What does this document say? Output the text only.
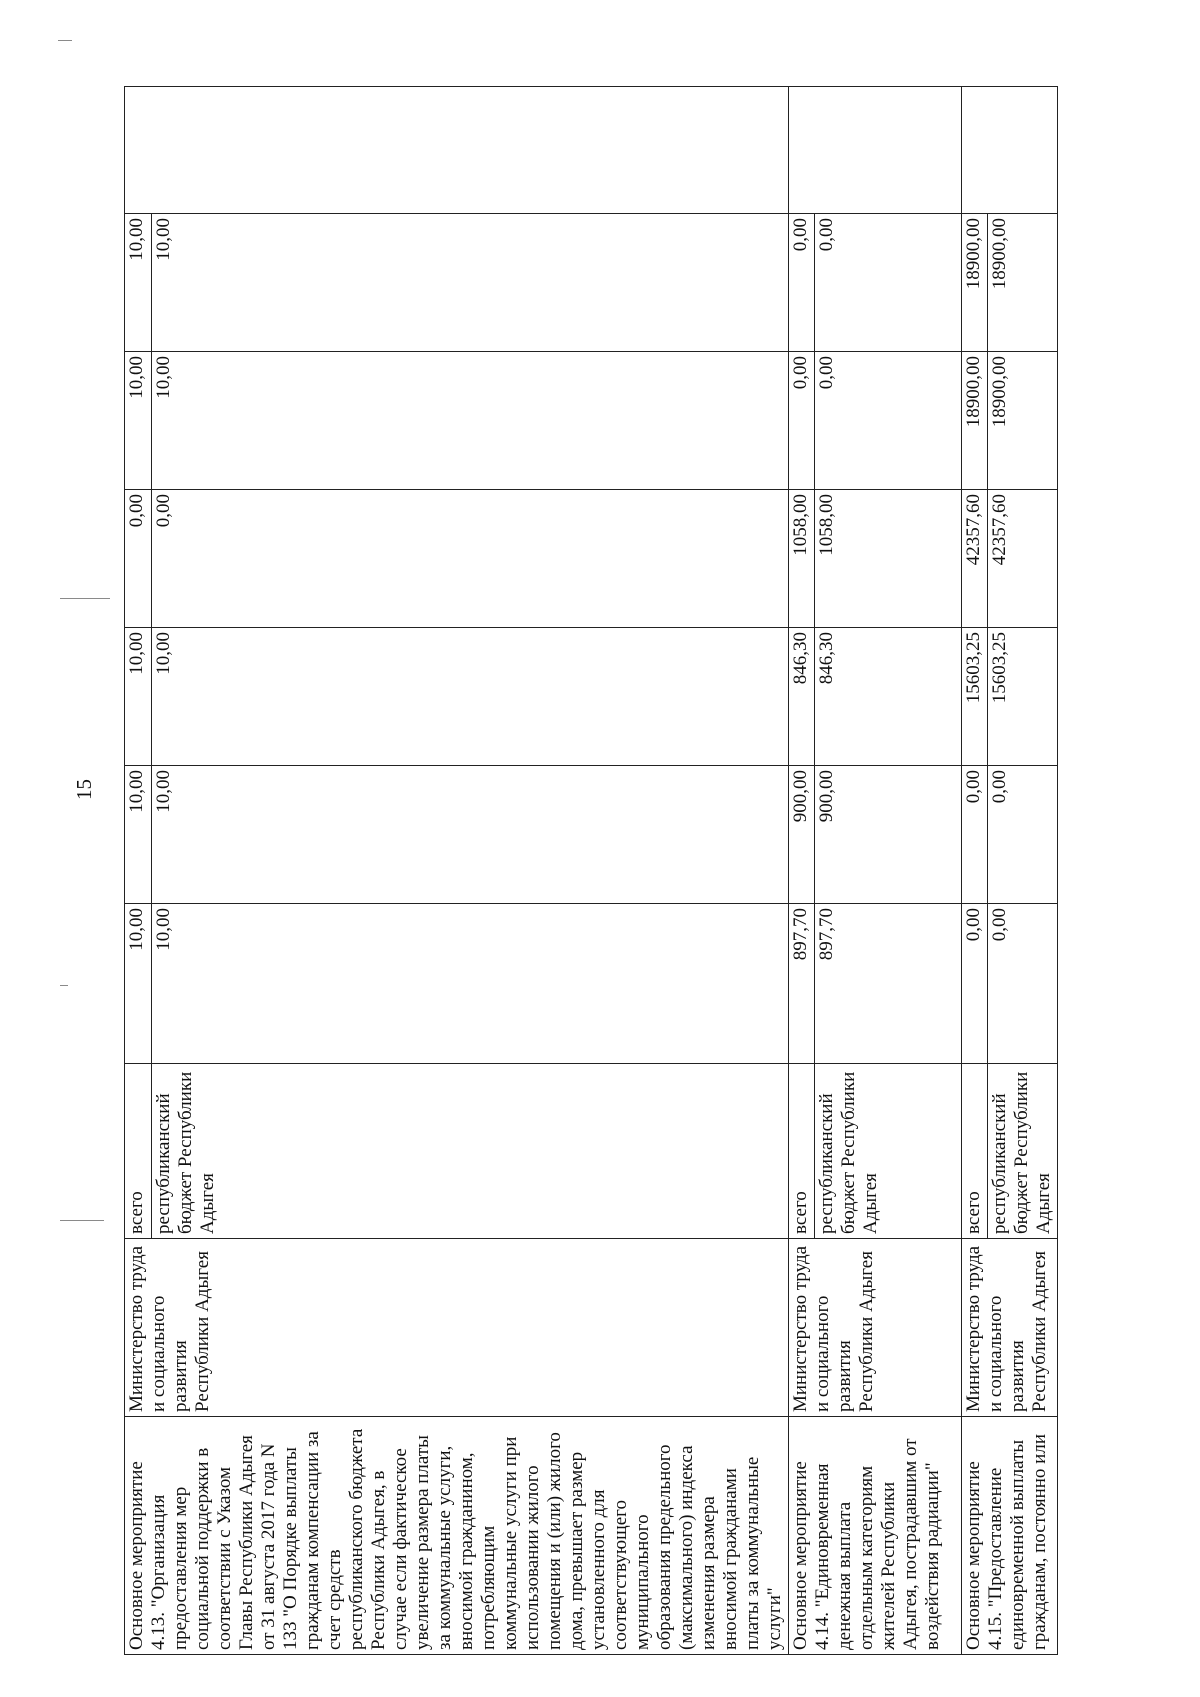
15
Основное мероприятие 4.13. "Организация предоставления мер социальной поддержки в соответствии с Указом Главы Республики Адыгея от 31 августа 2017 года N 133 "О Порядке выплаты гражданам компенсации за счет средств республиканского бюджета Республики Адыгея, в случае если фактическое увеличение размера платы за коммунальные услуги, вносимой гражданином, потребляющим коммунальные услуги при использовании жилого помещения и (или) жилого дома, превышает размер установленного для соответствующего муниципального образования предельного (максимального) индекса изменения размера вносимой гражданами платы за коммунальные услуги"	Министерство труда и социального развития Республики Адыгея	всего	10,00	10,00	10,00	0,00	10,00	10,00	
		республиканский бюджет Республики Адыгея	10,00	10,00	10,00	0,00	10,00	10,00	
Основное мероприятие 4.14. "Единовременная денежная выплата отдельным категориям жителей Республики Адыгея, пострадавшим от воздействия радиации"	Министерство труда и социального развития Республики Адыгея	всего	897,70	900,00	846,30	1058,00	0,00	0,00	
		республиканский бюджет Республики Адыгея	897,70	900,00	846,30	1058,00	0,00	0,00	
Основное мероприятие 4.15. "Предоставление единовременной выплаты гражданам, постоянно или	Министерство труда и социального развития Республики Адыгея	всего	0,00	0,00	15603,25	42357,60	18900,00	18900,00	
		республиканский бюджет Республики Адыгея	0,00	0,00	15603,25	42357,60	18900,00	18900,00	
